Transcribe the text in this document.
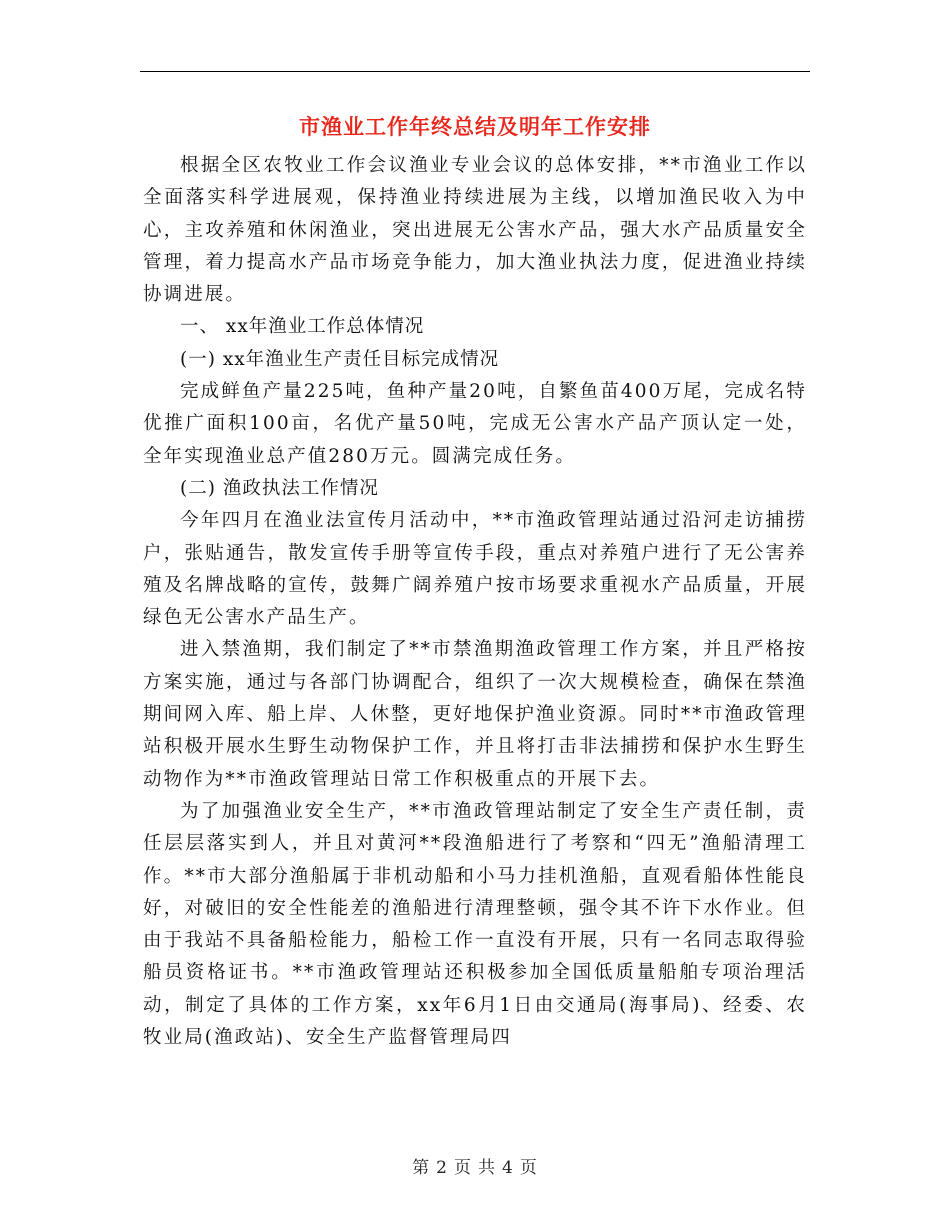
市渔业工作年终总结及明年工作安排

根据全区农牧业工作会议渔业专业会议的总体安排，**市渔业工作以全面落实科学进展观，保持渔业持续进展为主线，以增加渔民收入为中心，主攻养殖和休闲渔业，突出进展无公害水产品，强大水产品质量安全管理，着力提高水产品市场竞争能力，加大渔业执法力度，促进渔业持续协调进展。

一、 xx年渔业工作总体情况

(一) xx年渔业生产责任目标完成情况

完成鲜鱼产量225吨，鱼种产量20吨，自繁鱼苗400万尾，完成名特优推广面积100亩，名优产量50吨，完成无公害水产品产顶认定一处，全年实现渔业总产值280万元。圆满完成任务。

(二) 渔政执法工作情况

今年四月在渔业法宣传月活动中，**市渔政管理站通过沿河走访捕捞户，张贴通告，散发宣传手册等宣传手段，重点对养殖户进行了无公害养殖及名牌战略的宣传，鼓舞广阔养殖户按市场要求重视水产品质量，开展绿色无公害水产品生产。

进入禁渔期，我们制定了**市禁渔期渔政管理工作方案，并且严格按方案实施，通过与各部门协调配合，组织了一次大规模检查，确保在禁渔期间网入库、船上岸、人休整，更好地保护渔业资源。同时**市渔政管理站积极开展水生野生动物保护工作，并且将打击非法捕捞和保护水生野生动物作为**市渔政管理站日常工作积极重点的开展下去。

为了加强渔业安全生产，**市渔政管理站制定了安全生产责任制，责任层层落实到人，并且对黄河**段渔船进行了考察和“四无”渔船清理工作。**市大部分渔船属于非机动船和小马力挂机渔船，直观看船体性能良好，对破旧的安全性能差的渔船进行清理整顿，强令其不许下水作业。但由于我站不具备船检能力，船检工作一直没有开展，只有一名同志取得验船员资格证书。**市渔政管理站还积极参加全国低质量船舶专项治理活动，制定了具体的工作方案，xx年6月1日由交通局(海事局)、经委、农牧业局(渔政站)、安全生产监督管理局四

第 2 页 共 4 页
